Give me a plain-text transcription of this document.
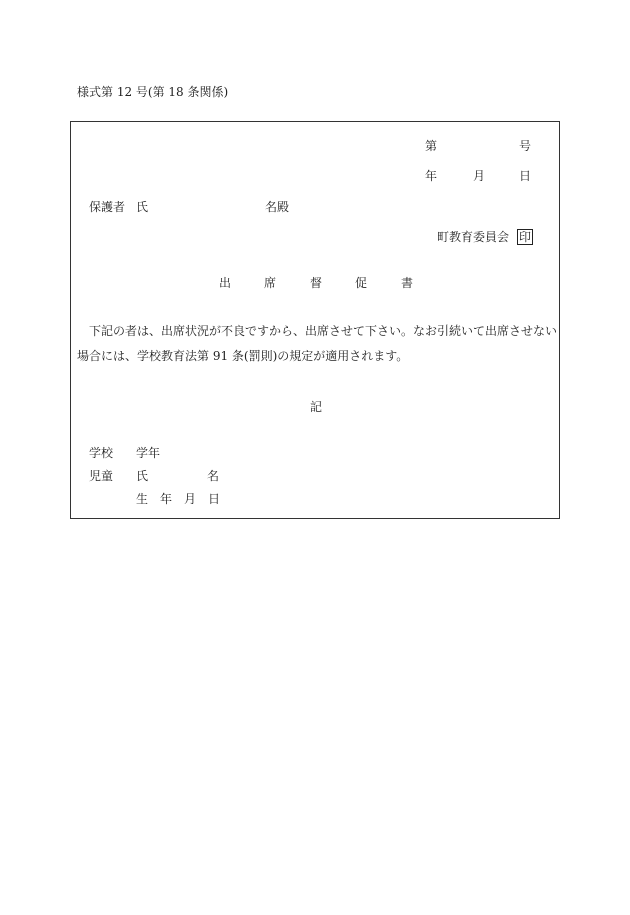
様式第 12 号(第 18 条関係)
第	号
年	月	日
保護者 氏	名殿
町教育委員会 印
出	席	督	促	書
下記の者は、出席状況が不良ですから、出席させて下さい。なお引続いて出席させない場合には、学校教育法第 91 条(罰則)の規定が適用されます。
記
学校 学年
児童 氏	名
生 年 月 日
